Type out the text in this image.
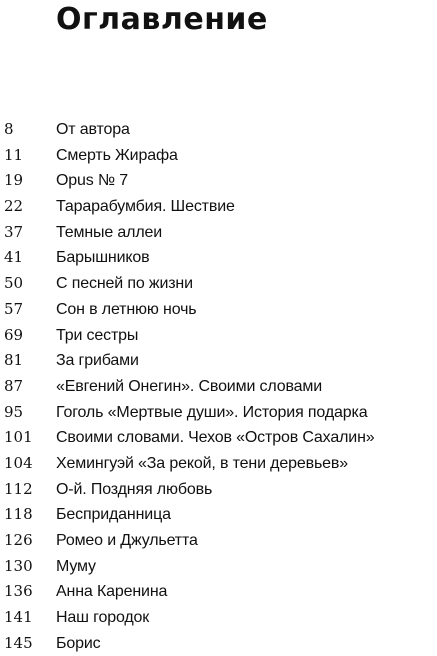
Оглавление
8	От автора
11 Смерть Жирафа
19 Opus № 7
22 Тарарабумбия. Шествие
37 Темные аллеи
41 Барышников
50 С песней по жизни
57 Сон в летнюю ночь
69 Три сестры
81 За грибами
87 «Евгений Онегин». Своими словами
95 Гоголь «Мертвые души». История подарка
101 Своими словами. Чехов «Остров Сахалин»
104 Хемингуэй «За рекой, в тени деревьев»
112 О-й. Поздняя любовь
118 Бесприданница
126 Ромео и Джульетта
130 Муму
136 Анна Каренина
141 Наш городок
145 Борис
